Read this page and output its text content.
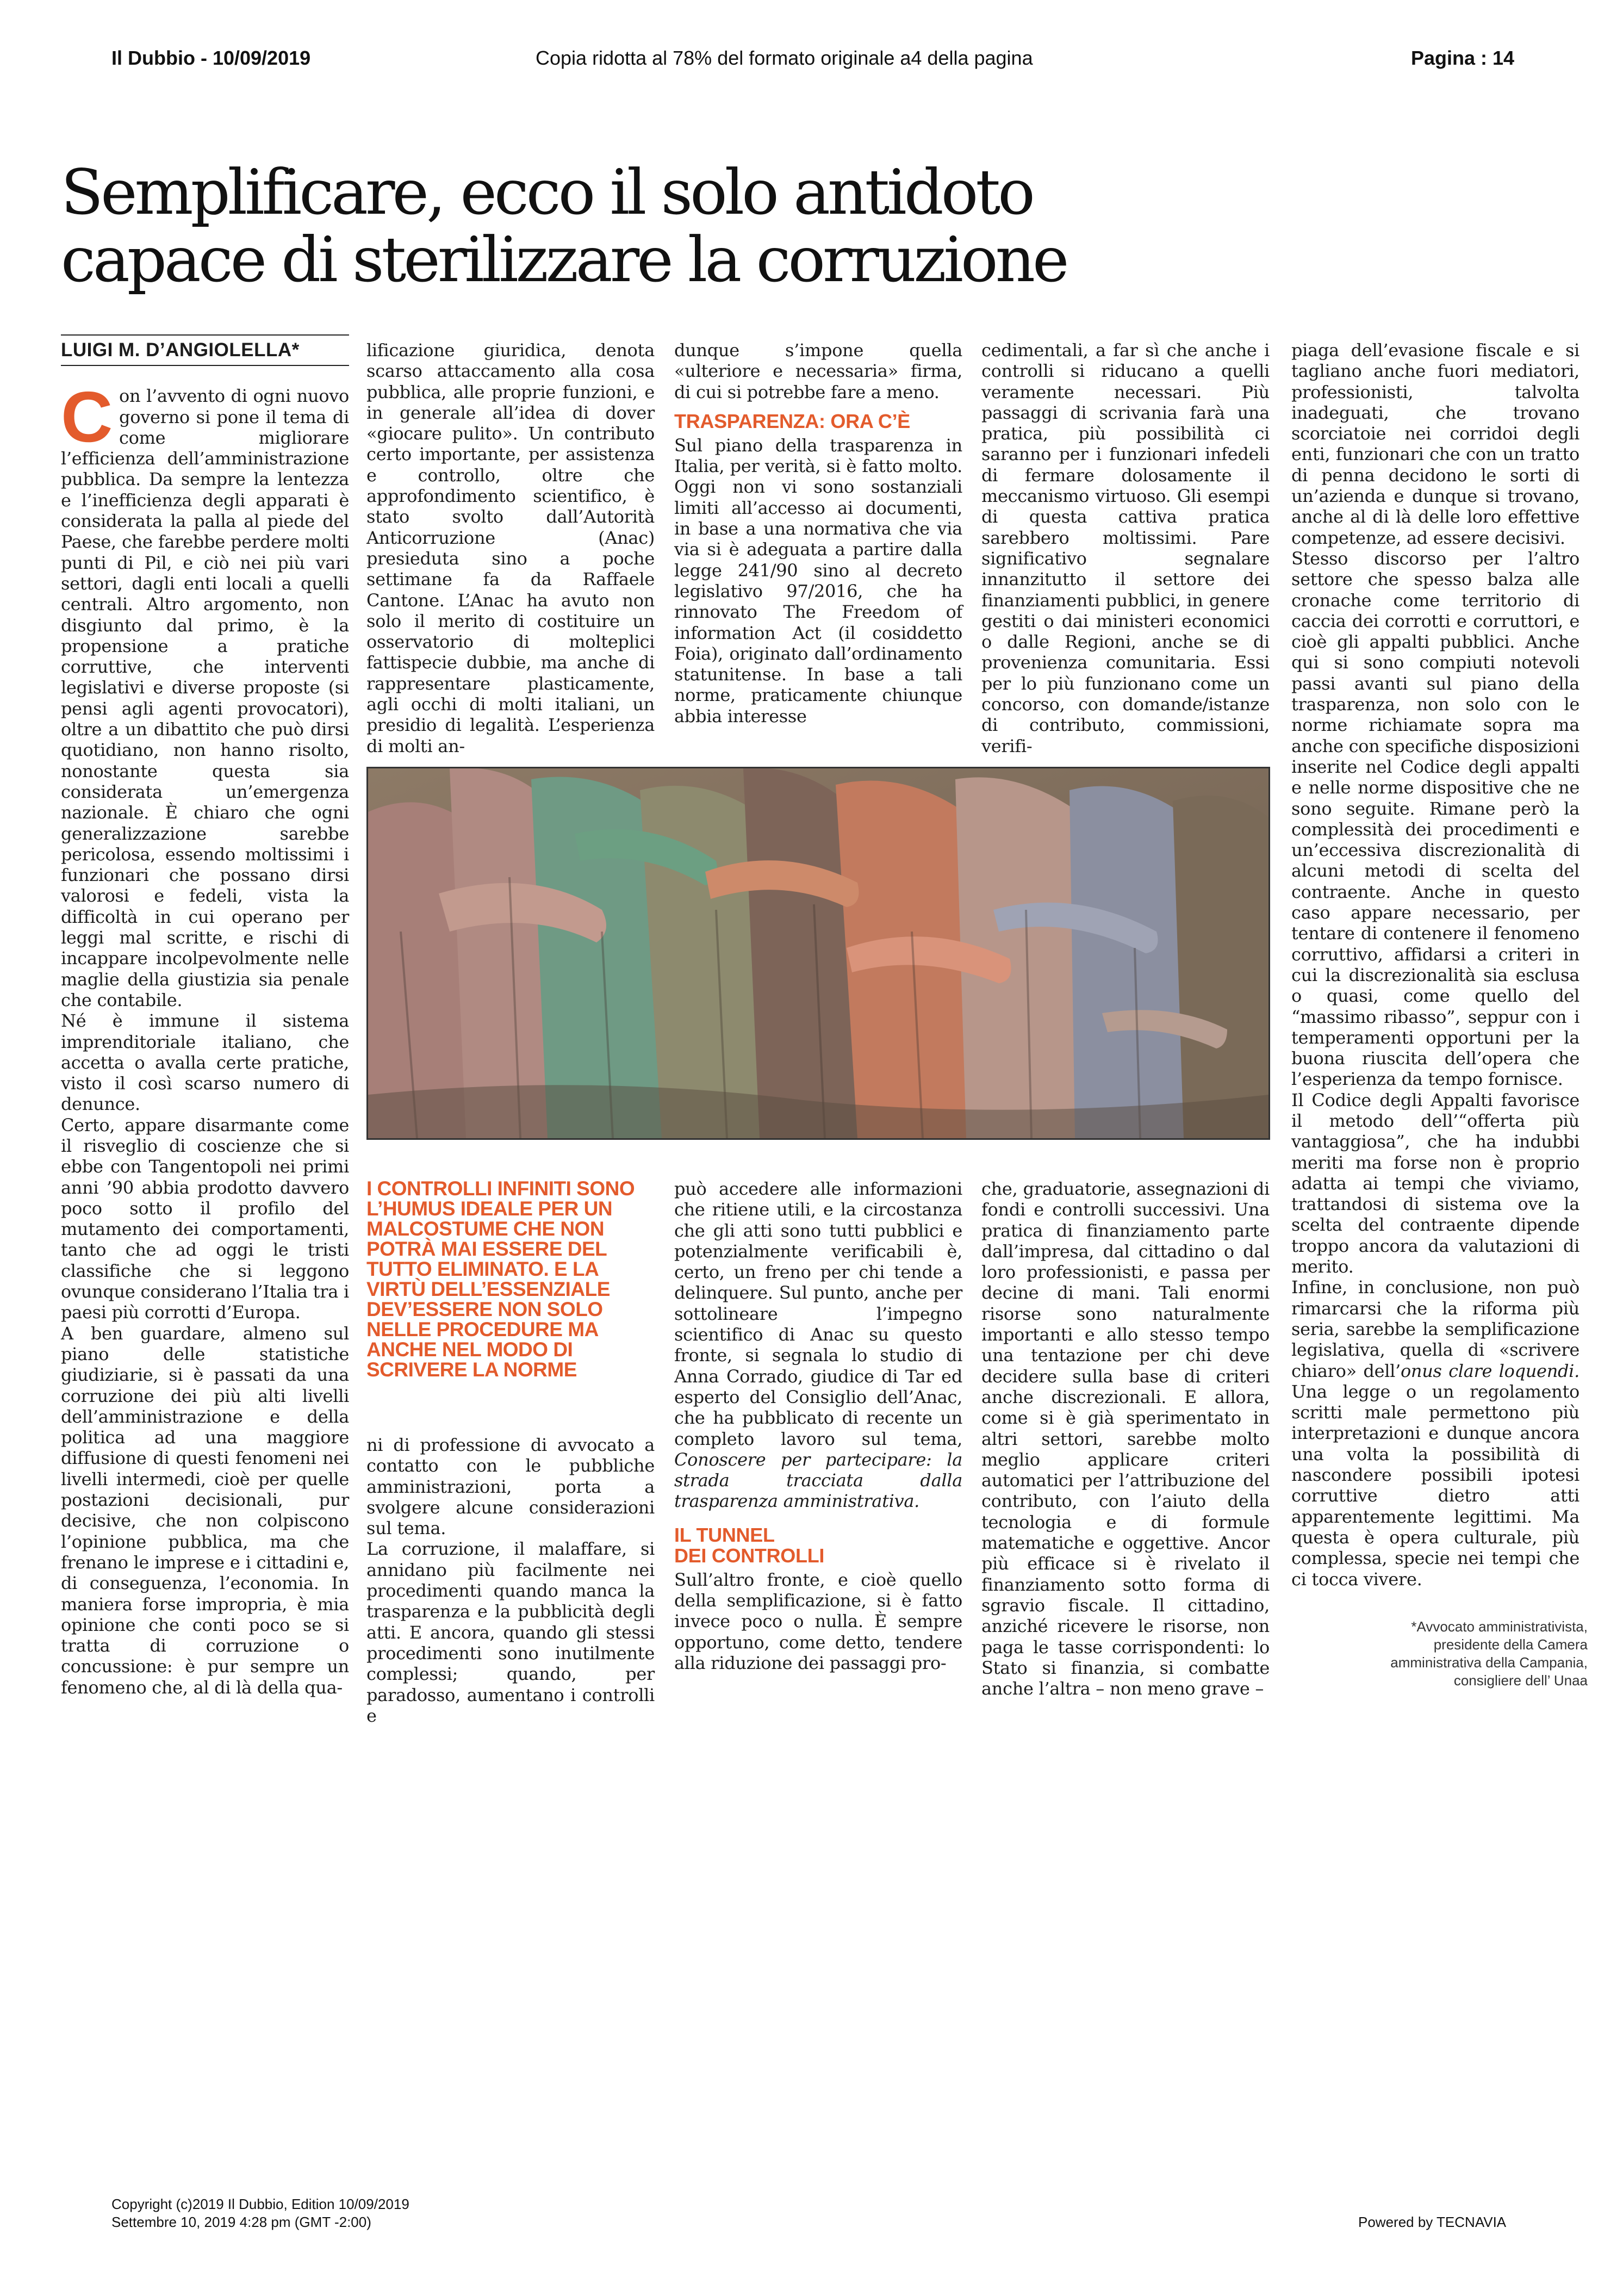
Il Dubbio - 10/09/2019	Copia ridotta al 78% del formato originale a4 della pagina	Pagina : 14
Semplificare, ecco il solo antidoto
capace di sterilizzare la corruzione
LUIGI M. D’ANGIOLELLA*

Con l’avvento di ogni nuovo governo si pone il tema di come migliorare l’efficienza dell’amministrazione pubblica. Da sempre la lentezza e l’inefficienza degli apparati è considerata la palla al piede del Paese, che farebbe perdere molti punti di Pil, e ciò nei più vari settori, dagli enti locali a quelli centrali. Altro argomento, non disgiunto dal primo, è la propensione a pratiche corruttive, che interventi legislativi e diverse proposte (si pensi agli agenti provocatori), oltre a un dibattito che può dirsi quotidiano, non hanno risolto, nonostante questa sia considerata un’emergenza nazionale. È chiaro che ogni generalizzazione sarebbe pericolosa, essendo moltissimi i funzionari che possano dirsi valorosi e fedeli, vista la difficoltà in cui operano per leggi mal scritte, e rischi di incappare incolpevolmente nelle maglie della giustizia sia penale che contabile.

Né è immune il sistema imprenditoriale italiano, che accetta o avalla certe pratiche, visto il così scarso numero di denunce.

Certo, appare disarmante come il risveglio di coscienze che si ebbe con Tangentopoli nei primi anni ’90 abbia prodotto davvero poco sotto il profilo del mutamento dei comportamenti, tanto che ad oggi le tristi classifiche che si leggono ovunque considerano l’Italia tra i paesi più corrotti d’Europa.

A ben guardare, almeno sul piano delle statistiche giudiziarie, si è passati da una corruzione dei più alti livelli dell’amministrazione e della politica ad una maggiore diffusione di questi fenomeni nei livelli intermedi, cioè per quelle postazioni decisionali, pur decisive, che non colpiscono l’opinione pubblica, ma che frenano le imprese e i cittadini e, di conseguenza, l’economia. In maniera forse impropria, è mia opinione che conti poco se si tratta di corruzione o concussione: è pur sempre un fenomeno che, al di là della qua-

lificazione giuridica, denota scarso attaccamento alla cosa pubblica, alle proprie funzioni, e in generale all’idea di dover «giocare pulito». Un contributo certo importante, per assistenza e controllo, oltre che approfondimento scientifico, è stato svolto dall’Autorità Anticorruzione (Anac) presieduta sino a poche settimane fa da Raffaele Cantone. L’Anac ha avuto non solo il merito di costituire un osservatorio di molteplici fattispecie dubbie, ma anche di rappresentare plasticamente, agli occhi di molti italiani, un presidio di legalità. L’esperienza di molti an-

dunque s’impone quella «ulteriore e necessaria» firma, di cui si potrebbe fare a meno.

TRASPARENZA: ORA C’È

Sul piano della trasparenza in Italia, per verità, si è fatto molto. Oggi non vi sono sostanziali limiti all’accesso ai documenti, in base a una normativa che via via si è adeguata a partire dalla legge 241/90 sino al decreto legislativo 97/2016, che ha rinnovato The Freedom of information Act (il cosiddetto Foia), originato dall’ordinamento statunitense. In base a tali norme, praticamente chiunque abbia interesse

cedimentali, a far sì che anche i controlli si riducano a quelli veramente necessari. Più passaggi di scrivania farà una pratica, più possibilità ci saranno per i funzionari infedeli di fermare dolosamente il meccanismo virtuoso. Gli esempi di questa cattiva pratica sarebbero moltissimi. Pare significativo segnalare innanzitutto il settore dei finanziamenti pubblici, in genere gestiti o dai ministeri economici o dalle Regioni, anche se di provenienza comunitaria. Essi per lo più funzionano come un concorso, con domande/istanze di contributo, commissioni, verifi-

piaga dell’evasione fiscale e si tagliano anche fuori mediatori, professionisti, talvolta inadeguati, che trovano scorciatoie nei corridoi degli enti, funzionari che con un tratto di penna decidono le sorti di un’azienda e dunque si trovano, anche al di là delle loro effettive competenze, ad essere decisivi.

Stesso discorso per l’altro settore che spesso balza alle cronache come territorio di caccia dei corrotti e corruttori, e cioè gli appalti pubblici. Anche qui si sono compiuti notevoli passi avanti sul piano della trasparenza, non solo con le norme richiamate sopra ma anche con specifiche disposizioni inserite nel Codice degli appalti e nelle norme dispositive che ne sono seguite. Rimane però la complessità dei procedimenti e un’eccessiva discrezionalità di alcuni metodi di scelta del contraente. Anche in questo caso appare necessario, per tentare di contenere il fenomeno corruttivo, affidarsi a criteri in cui la discrezionalità sia esclusa o quasi, come quello del “massimo ribasso”, seppur con i temperamenti opportuni per la buona riuscita dell’opera che l’esperienza da tempo fornisce.

Il Codice degli Appalti favorisce il metodo dell’“offerta più vantaggiosa”, che ha indubbi meriti ma forse non è proprio adatta ai tempi che viviamo, trattandosi di sistema ove la scelta del contraente dipende troppo ancora da valutazioni di merito.

Infine, in conclusione, non può rimarcarsi che la riforma più seria, sarebbe la semplificazione legislativa, quella di «scrivere chiaro» dell’onus clare loquendi. Una legge o un regolamento scritti male permettono più interpretazioni e dunque ancora una volta la possibilità di nascondere possibili ipotesi corruttive dietro atti apparentemente legittimi. Ma questa è opera culturale, più complessa, specie nei tempi che ci tocca vivere.

I CONTROLLI INFINITI SONO L’HUMUS IDEALE PER UN MALCOSTUME CHE NON POTRÀ MAI ESSERE DEL TUTTO ELIMINATO. E LA VIRTÙ DELL’ESSENZIALE DEV’ESSERE NON SOLO NELLE PROCEDURE MA ANCHE NEL MODO DI SCRIVERE LA NORME

ni di professione di avvocato a contatto con le pubbliche amministrazioni, porta a svolgere alcune considerazioni sul tema.

La corruzione, il malaffare, si annidano più facilmente nei procedimenti quando manca la trasparenza e la pubblicità degli atti. E ancora, quando gli stessi procedimenti sono inutilmente complessi; quando, per paradosso, aumentano i controlli e

può accedere alle informazioni che ritiene utili, e la circostanza che gli atti sono tutti pubblici e potenzialmente verificabili è, certo, un freno per chi tende a delinquere. Sul punto, anche per sottolineare l’impegno scientifico di Anac su questo fronte, si segnala lo studio di Anna Corrado, giudice di Tar ed esperto del Consiglio dell’Anac, che ha pubblicato di recente un completo lavoro sul tema, Conoscere per partecipare: la strada tracciata dalla trasparenza amministrativa.

IL TUNNEL
DEI CONTROLLI

Sull’altro fronte, e cioè quello della semplificazione, si è fatto invece poco o nulla. È sempre opportuno, come detto, tendere alla riduzione dei passaggi pro-

che, graduatorie, assegnazioni di fondi e controlli successivi. Una pratica di finanziamento parte dall’impresa, dal cittadino o dal loro professionisti, e passa per decine di mani. Tali enormi risorse sono naturalmente importanti e allo stesso tempo una tentazione per chi deve decidere sulla base di criteri anche discrezionali. E allora, come si è già sperimentato in altri settori, sarebbe molto meglio applicare criteri automatici per l’attribuzione del contributo, con l’aiuto della tecnologia e di formule matematiche e oggettive. Ancor più efficace si è rivelato il finanziamento sotto forma di sgravio fiscale. Il cittadino, anziché ricevere le risorse, non paga le tasse corrispondenti: lo Stato si finanzia, si combatte anche l’altra – non meno grave –

*Avvocato amministrativista,
presidente della Camera
amministrativa della Campania,
consigliere dell’ Unaa
Copyright (c)2019 Il Dubbio, Edition 10/09/2019
Settembre 10, 2019 4:28 pm (GMT -2:00)	Powered by TECNAVIA
